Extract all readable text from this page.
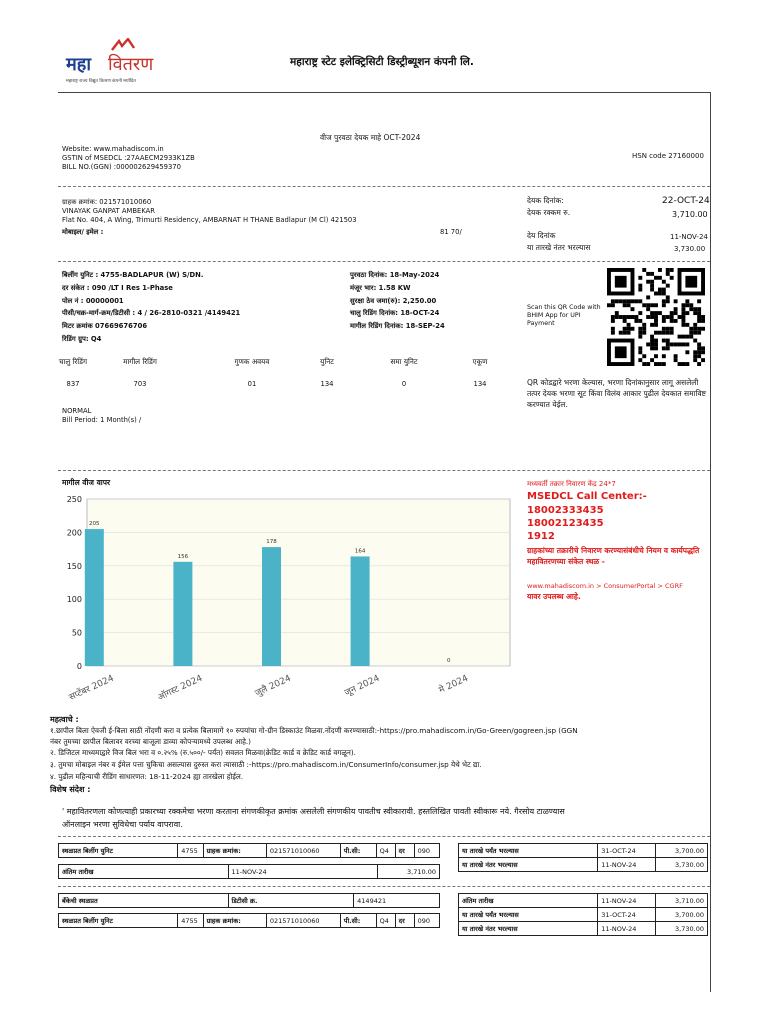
महा वितरण
महाराष्ट्र राज्य विद्युत वितरण कंपनी मर्यादित
महाराष्ट्र स्टेट इलेक्ट्रिसिटी डिस्ट्रीब्यूशन कंपनी लि.
वीज पुरवठा देयक माहे OCT-2024
Website: www.mahadiscom.in
GSTIN of MSEDCL :27AAECM2933K1ZB
BILL NO.(GGN) :000002629459370
HSN code 27160000
ग्राहक क्रमांक: 021571010060
VINAYAK GANPAT AMBEKAR
Flat No. 404, A Wing, Trimurti Residency, AMBARNAT H THANE Badlapur (M Cl) 421503
मोबाइल/ इमेल :	81 70/
देयक दिनांक:	22-OCT-24
देयक रक्कम रु.	3,710.00
देय दिनांक	11-NOV-24
या तारखे नंतर भरल्यास	3,730.00
बिलींग युनिट : 4755-BADLAPUR (W) S/DN.
दर संकेत : 090 /LT I Res 1-Phase
पोल नं : 00000001
पीसी/चक्र-मार्ग-क्रम/डिटीसी : 4 / 26-2810-0321 /4149421
मिटर क्रमांक 07669676706
रिडिंग ग्रुप: Q4
पुरवठा दिनांक: 18-May-2024
मंजूर भार: 1.58 KW
सुरक्षा ठेव जमा(रु): 2,250.00
चालु रिडिंग दिनांक: 18-OCT-24
मागील रिडिंग दिनांक: 18-SEP-24
Scan this QR Code with BHIM App for UPI Payment
QR कोडद्वारे भरणा केल्यास, भरणा दिनांकानुसार लागू असलेली तत्पर देयक भरणा सूट किंवा विलंब आकार पुढील देयकात समाविष्ट करण्यात येईल.
चालु रिडिंग	मागील रिडिंग	गुणक अवयव	युनिट	समा युनिट	एकूण
837	703	01	134	0	134
NORMAL
Bill Period: 1 Month(s) /
मागील वीज वापर
0
50
100
150
200
250
205
सप्टेंबर 2024
156
ऑगस्ट 2024
178
जुलै 2024
164
जून 2024
0
मे 2024
मध्यवर्ती तक्रार निवारण केंद्र 24*7
MSEDCL Call Center:-
18002333435
18002123435
1912
ग्राहकांच्या तक्रारीचे निवारण करण्यासंबंधीचे नियम व कार्यपद्धति महावितरणच्या संकेत स्थळ -
www.mahadiscom.in > ConsumerPortal > CGRF
यावर उपलब्ध आहे.
महत्वाचे :
१.छापील बिला ऐवजी ई-बिला साठी नोंदणी करा व प्रत्येक बिलामागे १० रुपयांचा गो-ग्रीन डिस्काउंट मिळवा.नोंदणी करण्यासाठी:-https://pro.mahadiscom.in/Go-Green/gogreen.jsp (GGN
नंबर तुमच्या छापील बिलावर वरच्या बाजूला डाव्या कोपऱ्यामध्ये उपलब्ध आहे.)
२. डिजिटल माध्यमाद्वारे विज बिल भरा व ०.२५% (रु.५००/- पर्यंत) सवलत मिळवा(क्रेडिट कार्ड व क्रेडिट कार्ड वगळून).
३. तुमचा मोबाइल नंबर व ईमेल पत्ता चुकिचा असल्यास दुरुस्त करा त्यासाठी :-https://pro.mahadiscom.in/ConsumerInfo/consumer.jsp येथे भेट द्या.
४. पुढील महिन्याची रीडिंग साधारणत: 18-11-2024 ह्या तारखेला होईल.
विशेष संदेश :
' महावितरणला कोणत्याही प्रकारच्या रक्कमेचा भरणा करताना संगणकीकृत क्रमांक असलेली संगणकीय पावतीच स्वीकारावी. हस्तलिखित पावती स्वीकारू नये. गैरसोय टाळण्यास
ऑनलाइन भरणा सुविधेचा पर्याय वापरावा.
स्थळप्रत बिलींग युनिट	4755	ग्राहक क्रमांक:	021571010060	पी.सी:	Q4	दर	090
अंतिम तारीख	11-NOV-24	3,710.00
या तारखे पर्यंत भरल्यास	31-OCT-24	3,700.00
या तारखे नंतर भरल्यास	11-NOV-24	3,730.00
बँकेची स्थळप्रत	डिटीसी क्र.	4149421
स्थळप्रत बिलींग युनिट	4755	ग्राहक क्रमांक:	021571010060	पी.सी:	Q4	दर	090
अंतिम तारीख	11-NOV-24	3,710.00
या तारखे पर्यंत भरल्यास	31-OCT-24	3,700.00
या तारखे नंतर भरल्यास	11-NOV-24	3,730.00
